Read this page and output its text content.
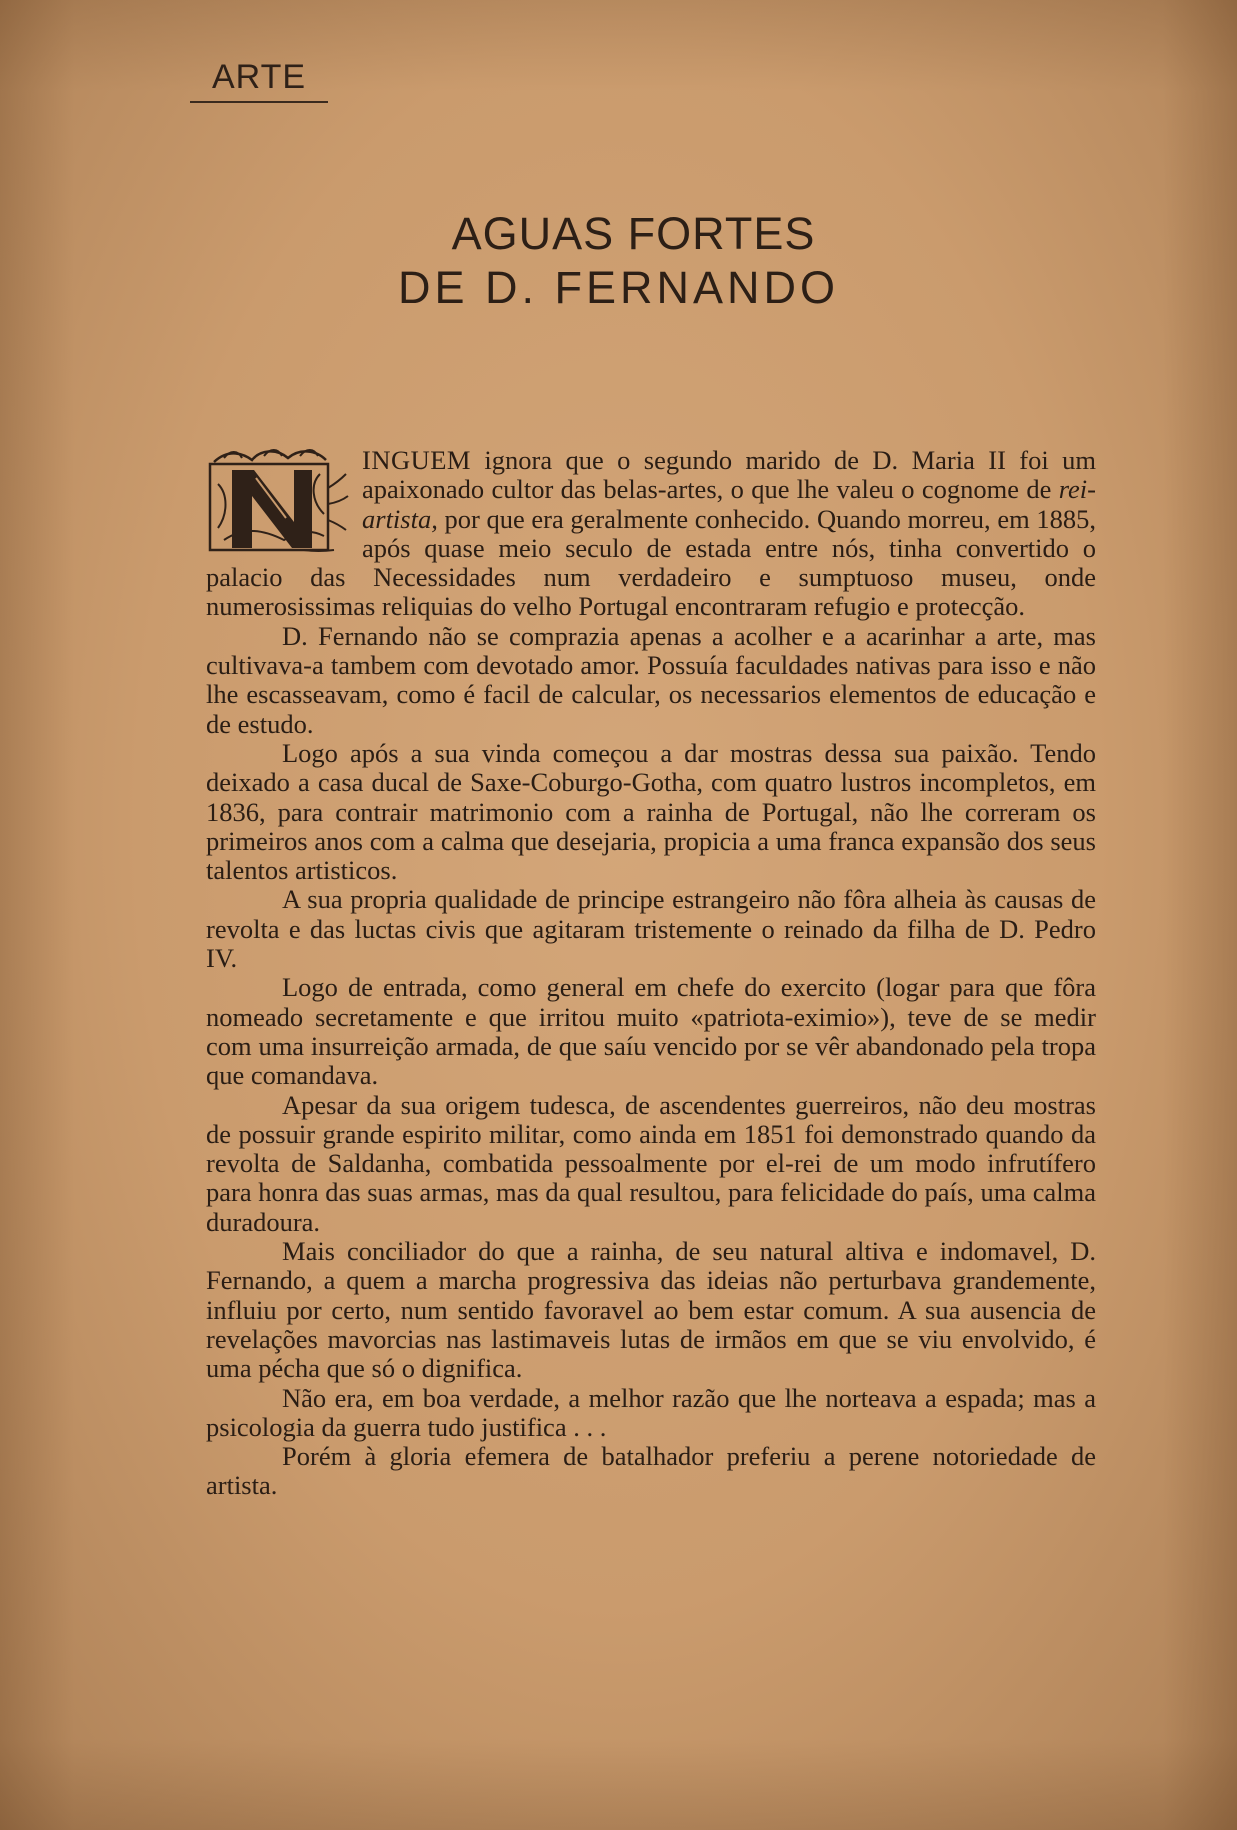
ARTE
AGUAS FORTES
DE D. FERNANDO

INGUEM ignora que o segundo marido de D. Maria II foi um apaixonado cultor das belas-artes, o que lhe valeu o cognome de rei-artista, por que era geralmente conhecido. Quando morreu, em 1885, após quase meio seculo de estada entre nós, tinha convertido o palacio das Necessidades num verdadeiro e sumptuoso museu, onde numerosissimas reliquias do velho Portugal encontraram refugio e protecção.

D. Fernando não se comprazia apenas a acolher e a acarinhar a arte, mas cultivava-a tambem com devotado amor. Possuía faculdades nativas para isso e não lhe escasseavam, como é facil de calcular, os necessarios elementos de educação e de estudo.

Logo após a sua vinda começou a dar mostras dessa sua paixão. Tendo deixado a casa ducal de Saxe-Coburgo-Gotha, com quatro lustros incompletos, em 1836, para contrair matrimonio com a rainha de Portugal, não lhe correram os primeiros anos com a calma que desejaria, propicia a uma franca expansão dos seus talentos artisticos.

A sua propria qualidade de principe estrangeiro não fôra alheia às causas de revolta e das luctas civis que agitaram tristemente o reinado da filha de D. Pedro IV.

Logo de entrada, como general em chefe do exercito (logar para que fôra nomeado secretamente e que irritou muito «patriota-eximio»), teve de se medir com uma insurreição armada, de que saíu vencido por se vêr abandonado pela tropa que comandava.

Apesar da sua origem tudesca, de ascendentes guerreiros, não deu mostras de possuir grande espirito militar, como ainda em 1851 foi demonstrado quando da revolta de Saldanha, combatida pessoalmente por el-rei de um modo infrutífero para honra das suas armas, mas da qual resultou, para felicidade do país, uma calma duradoura.

Mais conciliador do que a rainha, de seu natural altiva e indomavel, D. Fernando, a quem a marcha progressiva das ideias não perturbava grandemente, influiu por certo, num sentido favoravel ao bem estar comum. A sua ausencia de revelações mavorcias nas lastimaveis lutas de irmãos em que se viu envolvido, é uma pécha que só o dignifica.

Não era, em boa verdade, a melhor razão que lhe norteava a espada; mas a psicologia da guerra tudo justifica . . .

Porém à gloria efemera de batalhador preferiu a perene notoriedade de artista.
